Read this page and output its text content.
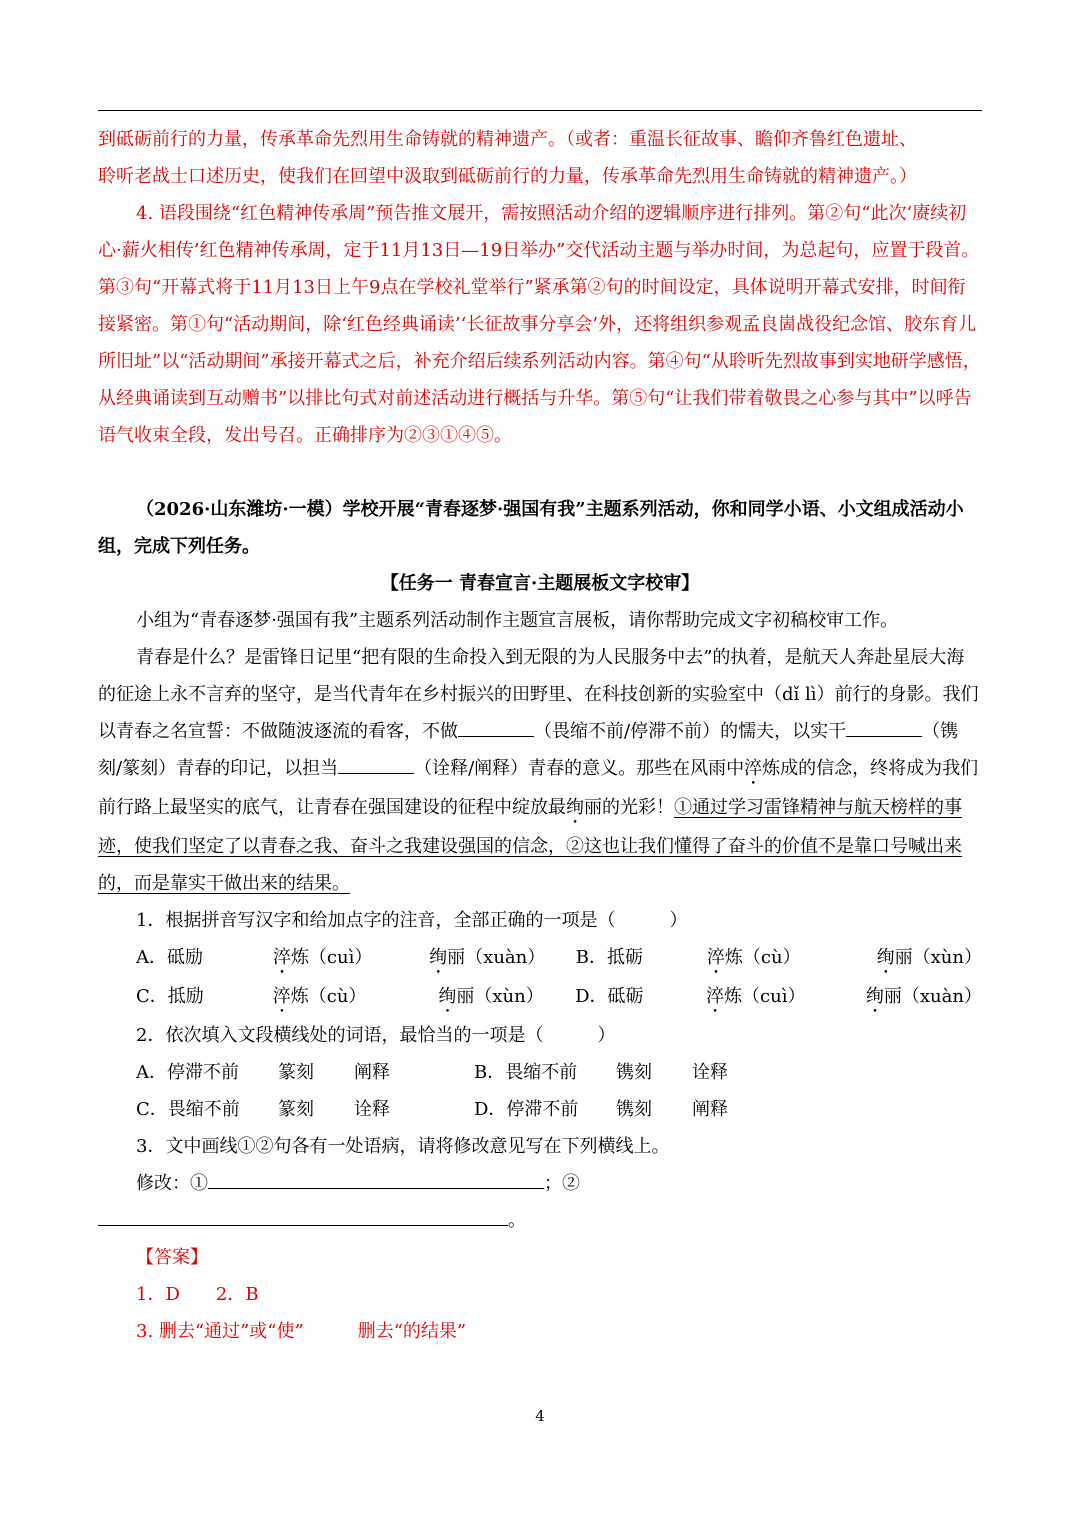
到砥砺前行的力量，传承革命先烈用生命铸就的精神遗产。（或者：重温长征故事、瞻仰齐鲁红色遗址、

聆听老战士口述历史，使我们在回望中汲取到砥砺前行的力量，传承革命先烈用生命铸就的精神遗产。）

4. 语段围绕“红色精神传承周”预告推文展开，需按照活动介绍的逻辑顺序进行排列。第②句“此次‘赓续初心·薪火相传’红色精神传承周，定于11月13日—19日举办”交代活动主题与举办时间，为总起句，应置于段首。第③句“开幕式将于11月13日上午9点在学校礼堂举行”紧承第②句的时间设定，具体说明开幕式安排，时间衔接紧密。第①句“活动期间，除‘红色经典诵读’‘长征故事分享会’外，还将组织参观孟良崮战役纪念馆、胶东育儿所旧址”以“活动期间”承接开幕式之后，补充介绍后续系列活动内容。第④句“从聆听先烈故事到实地研学感悟，从经典诵读到互动赠书”以排比句式对前述活动进行概括与升华。第⑤句“让我们带着敬畏之心参与其中”以呼告语气收束全段，发出号召。正确排序为②③①④⑤。

（2026·山东潍坊·一模）学校开展“青春逐梦·强国有我”主题系列活动，你和同学小语、小文组成活动小组，完成下列任务。

【任务一 青春宣言·主题展板文字校审】

小组为“青春逐梦·强国有我”主题系列活动制作主题宣言展板，请你帮助完成文字初稿校审工作。

青春是什么？是雷锋日记里“把有限的生命投入到无限的为人民服务中去”的执着，是航天人奔赴星辰大海的征途上永不言弃的坚守，是当代青年在乡村振兴的田野里、在科技创新的实验室中（dǐ lì）前行的身影。我们以青春之名宣誓：不做随波逐流的看客，不做	（畏缩不前/停滞不前）的懦夫，以实干	（镌刻/篆刻）青春的印记，以担当	（诠释/阐释）青春的意义。那些在风雨中淬炼成的信念，终将成为我们前行路上最坚实的底气，让青春在强国建设的征程中绽放最绚丽的光彩！①通过学习雷锋精神与航天榜样的事迹，使我们坚定了以青春之我、奋斗之我建设强国的信念，②这也让我们懂得了奋斗的价值不是靠口号喊出来的，而是靠实干做出来的结果。

1．根据拼音写汉字和给加点字的注音，全部正确的一项是（　　　）

A．砥励	淬炼（cuì）	绚丽（xuàn）	B．抵砺	淬炼（cù）	绚丽（xùn）
C．抵励	淬炼（cù）	绚丽（xùn）	D．砥砺	淬炼（cuì）	绚丽（xuàn）

2．依次填入文段横线处的词语，最恰当的一项是（　　　）

A．停滞不前	篆刻	阐释	B．畏缩不前	镌刻	诠释
C．畏缩不前	篆刻	诠释	D．停滞不前	镌刻	阐释

3．文中画线①②句各有一处语病，请将修改意见写在下列横线上。

修改：①	；②

。

【答案】

1．D　　2．B

3. 删去“通过”或“使”　　　删去“的结果”

4
